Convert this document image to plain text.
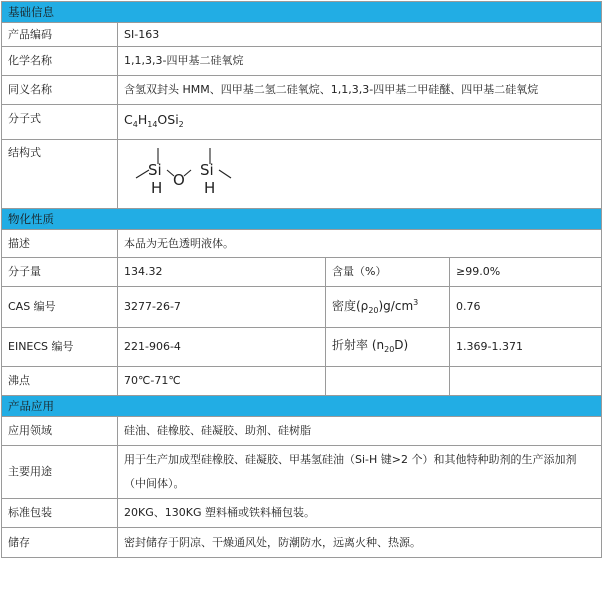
基础信息			
产品编码	SI-163		
化学名称	1,1,3,3-四甲基二硅氧烷		
同义名称	含氢双封头 HMM、四甲基二氢二硅氧烷、1,1,3,3-四甲基二甲硅醚、四甲基二硅氧烷		
分子式	$C_4H_{14}OSi_2$
结构式	Si
O
Si
H H		

物化性质			
描述	本品为无色透明液体。		
分子量	134.32	含量（%）	≥99.0%
CAS 编号	3277-26-7	密度$(\rho_{20})g/cm^3$	0.76
EINECS 编号	221-906-4	折射率 $(n_{20}D)$	1.369-1.371
沸点	70℃-71℃		
产品应用			
应用领域	硅油、硅橡胶、硅凝胶、助剂、硅树脂		
主要用途	用于生产加成型硅橡胶、硅凝胶、甲基氢硅油（Si-H 键>2 个）和其他特种助剂的生产添加剂（中间体）。		
标准包装	20KG、130KG 塑料桶或铁料桶包装。		
储存	密封储存于阴凉、干燥通风处，防潮防水，远离火种、热源。		
